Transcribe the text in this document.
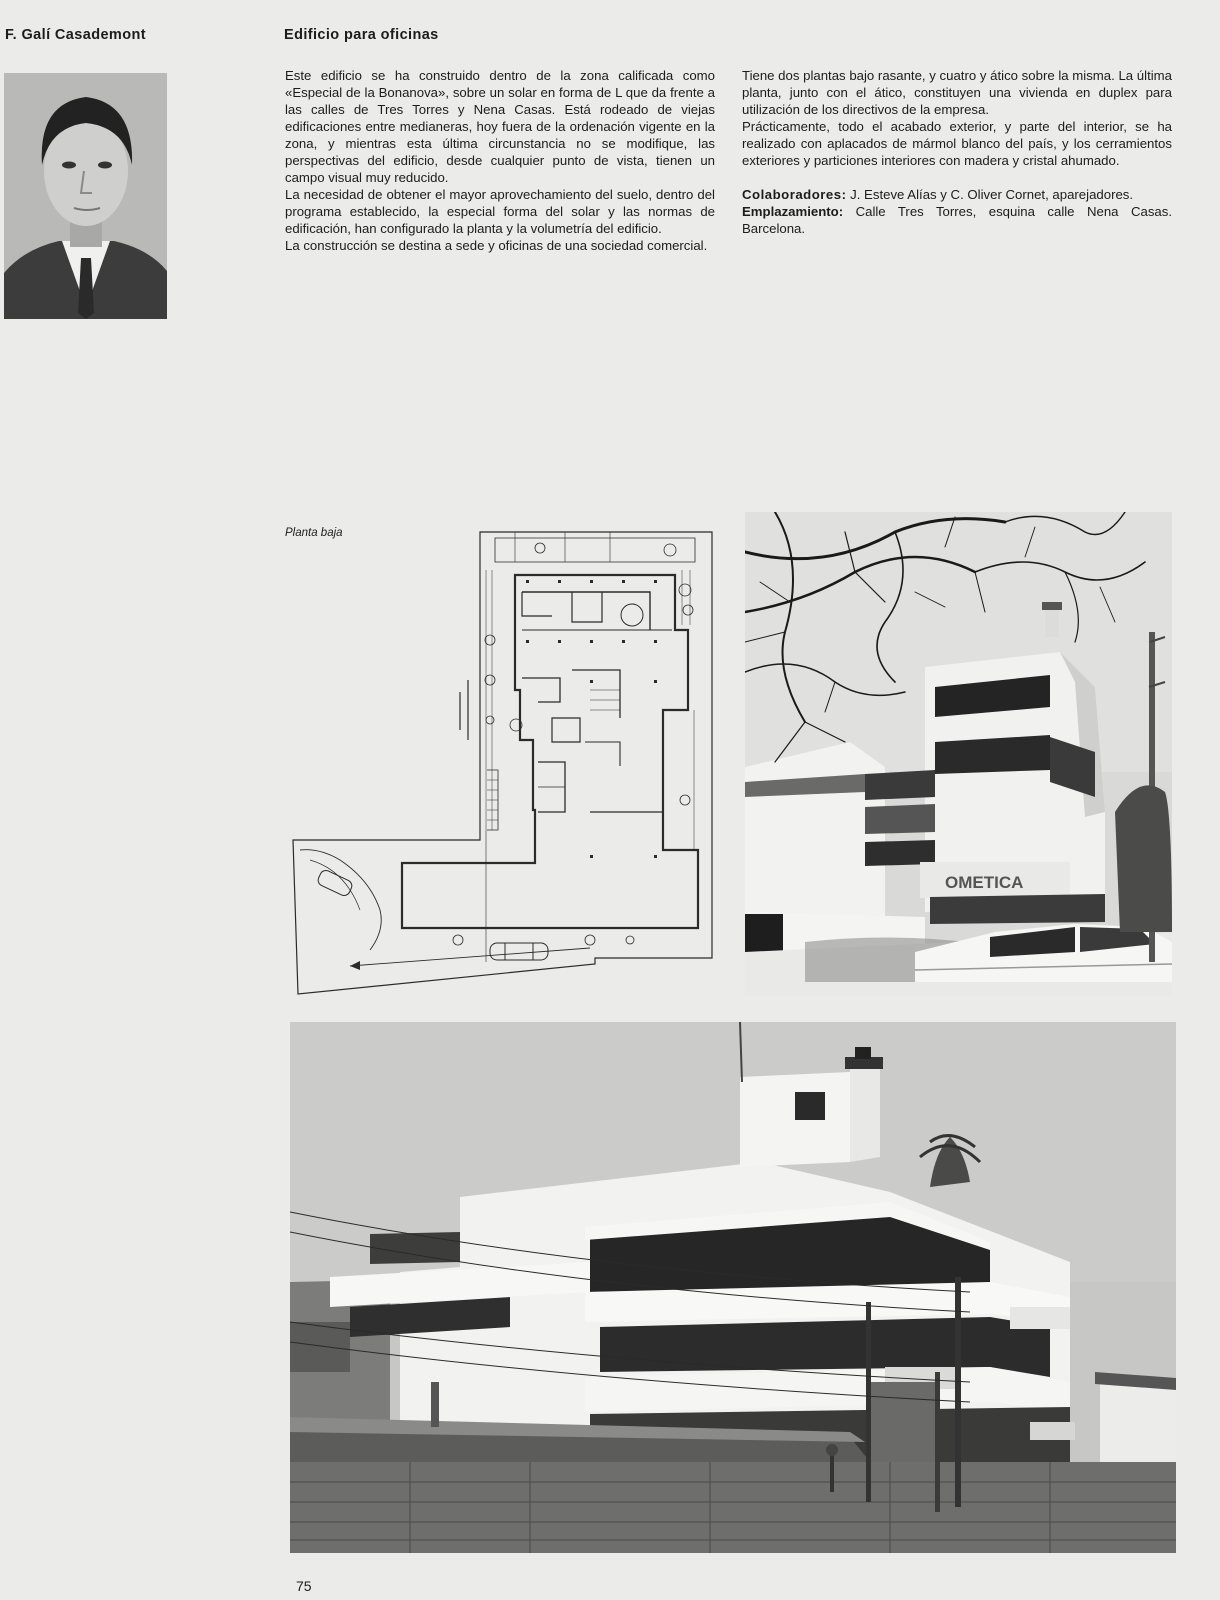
F. Galí Casademont	Edificio para oficinas

Este edificio se ha construido dentro de la zona calificada como «Especial de la Bonanova», sobre un solar en forma de L que da frente a las calles de Tres Torres y Nena Casas. Está rodeado de viejas edificaciones entre medianeras, hoy fuera de la ordenación vigente en la zona, y mientras esta última circunstancia no se modifique, las perspectivas del edificio, desde cualquier punto de vista, tienen un campo visual muy reducido.

La necesidad de obtener el mayor aprovechamiento del suelo, dentro del programa establecido, la especial forma del solar y las normas de edificación, han configurado la planta y la volumetría del edificio.

La construcción se destina a sede y oficinas de una sociedad comercial.

Tiene dos plantas bajo rasante, y cuatro y ático sobre la misma. La última planta, junto con el ático, constituyen una vivienda en duplex para utilización de los directivos de la empresa.

Prácticamente, todo el acabado exterior, y parte del interior, se ha realizado con aplacados de mármol blanco del país, y los cerramientos exteriores y particiones interiores con madera y cristal ahumado.

Colaboradores: J. Esteve Alías y C. Oliver Cornet, aparejadores.

Emplazamiento: Calle Tres Torres, esquina calle Nena Casas. Barcelona.

Planta baja
OMETICA
75
